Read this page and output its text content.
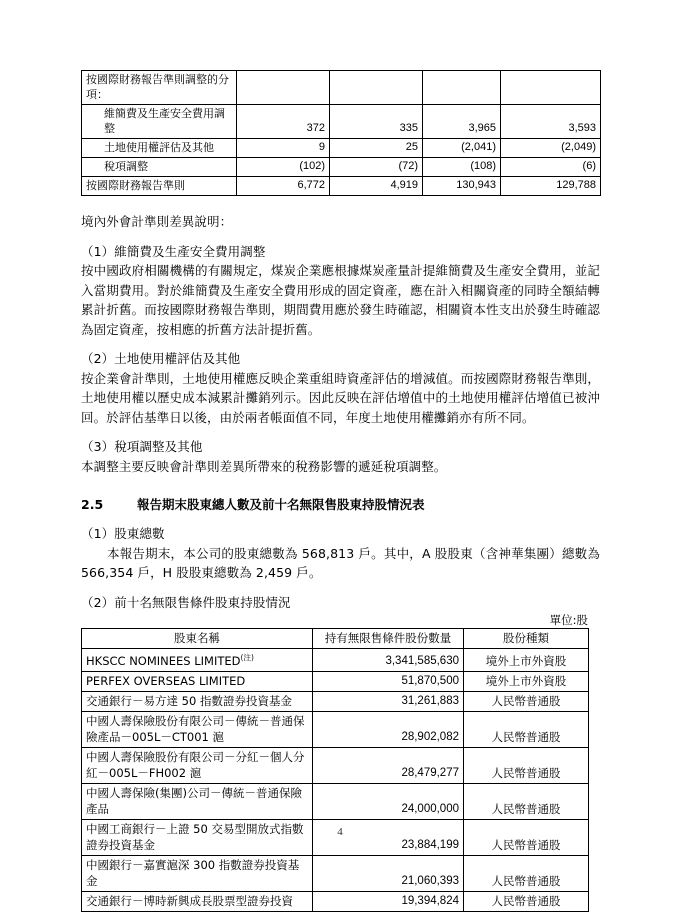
按國際財務報告準則調整的分項：				
維簡費及生產安全費用調整	372	335	3,965	3,593
土地使用權評估及其他	9	25	(2,041)	(2,049)
稅項調整	(102)	(72)	(108)	(6)
按國際財務報告準則	6,772	4,919	130,943	129,788

境內外會計準則差異說明：

（1）維簡費及生產安全費用調整

按中國政府相關機構的有關規定，煤炭企業應根據煤炭產量計提維簡費及生產安全費用，並記入當期費用。對於維簡費及生產安全費用形成的固定資產，應在計入相關資產的同時全額結轉累計折舊。而按國際財務報告準則，期間費用應於發生時確認，相關資本性支出於發生時確認為固定資產，按相應的折舊方法計提折舊。

（2）土地使用權評估及其他

按企業會計準則，土地使用權應反映企業重組時資產評估的增減值。而按國際財務報告準則，土地使用權以歷史成本減累計攤銷列示。因此反映在評估增值中的土地使用權評估增值已被沖回。於評估基準日以後，由於兩者帳面值不同，年度土地使用權攤銷亦有所不同。

（3）稅項調整及其他

本調整主要反映會計準則差異所帶來的稅務影響的遞延稅項調整。

2.5	報告期末股東總人數及前十名無限售股東持股情況表

（1）股東總數

本報告期末，本公司的股東總數為 568,813 戶。其中，A 股股東（含神華集團）總數為 566,354 戶，H 股股東總數為 2,459 戶。

（2）前十名無限售條件股東持股情況

單位:股

股東名稱	持有無限售條件股份數量	股份種類
HKSCC NOMINEES LIMITED$^{(注)}$	3,341,585,630	境外上市外資股
PERFEX OVERSEAS LIMITED	51,870,500	境外上市外資股
交通銀行－易方達 50 指數證券投資基金	31,261,883	人民幣普通股
中國人壽保險股份有限公司－傳統－普通保險產品－005L－CT001 滬	28,902,082	人民幣普通股
中國人壽保險股份有限公司－分紅－個人分紅－005L－FH002 滬	28,479,277	人民幣普通股
中國人壽保險(集團)公司－傳統－普通保險產品	24,000,000	人民幣普通股
中國工商銀行－上證 50 交易型開放式指數證券投資基金	23,884,199	人民幣普通股
中國銀行－嘉實滬深 300 指數證券投資基金	21,060,393	人民幣普通股
交通銀行－博時新興成長股票型證券投資	19,394,824	人民幣普通股
4
